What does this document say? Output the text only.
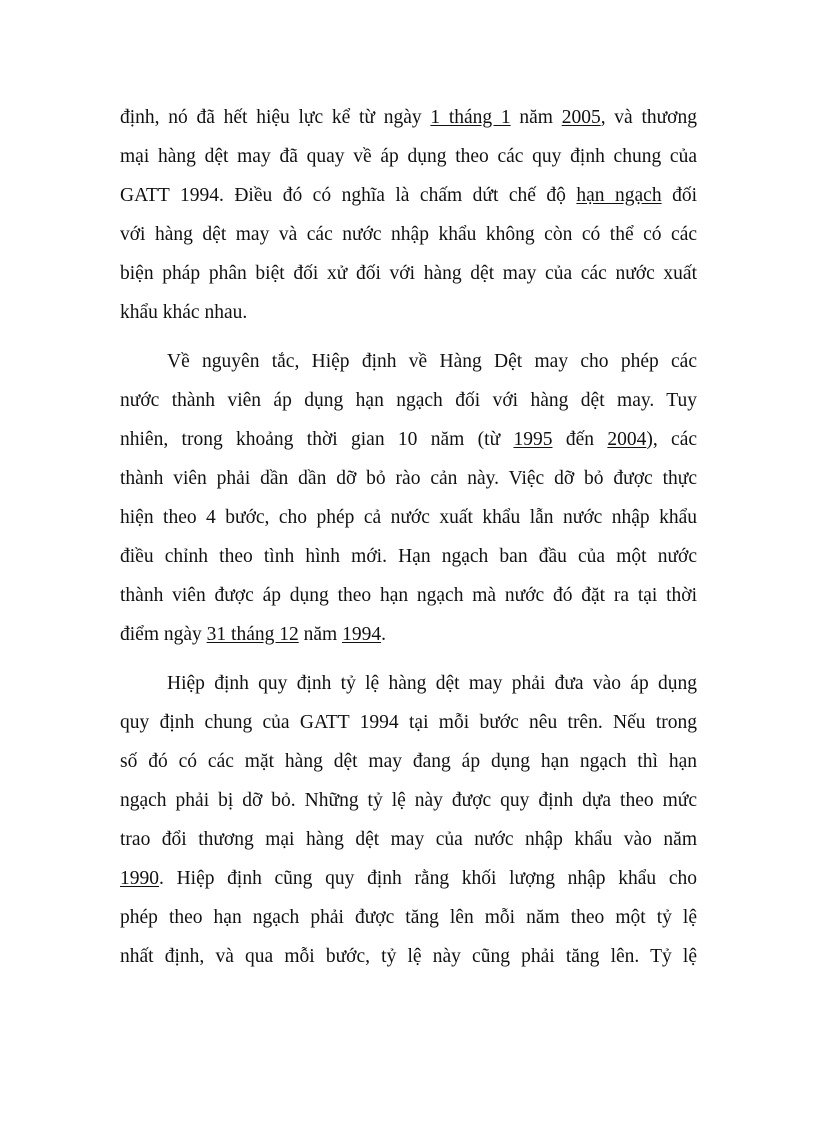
định, nó đã hết hiệu lực kể từ ngày 1 tháng 1 năm 2005, và thương
mại hàng dệt may đã quay về áp dụng theo các quy định chung của
GATT 1994. Điều đó có nghĩa là chấm dứt chế độ hạn ngạch đối
với hàng dệt may và các nước nhập khẩu không còn có thể có các
biện pháp phân biệt đối xử đối với hàng dệt may của các nước xuất
khẩu khác nhau.
Về nguyên tắc, Hiệp định về Hàng Dệt may cho phép các
nước thành viên áp dụng hạn ngạch đối với hàng dệt may. Tuy
nhiên, trong khoảng thời gian 10 năm (từ 1995 đến 2004), các
thành viên phải dần dần dỡ bỏ rào cản này. Việc dỡ bỏ được thực
hiện theo 4 bước, cho phép cả nước xuất khẩu lẫn nước nhập khẩu
điều chỉnh theo tình hình mới. Hạn ngạch ban đầu của một nước
thành viên được áp dụng theo hạn ngạch mà nước đó đặt ra tại thời
điểm ngày 31 tháng 12 năm 1994.
Hiệp định quy định tỷ lệ hàng dệt may phải đưa vào áp dụng
quy định chung của GATT 1994 tại mỗi bước nêu trên. Nếu trong
số đó có các mặt hàng dệt may đang áp dụng hạn ngạch thì hạn
ngạch phải bị dỡ bỏ. Những tỷ lệ này được quy định dựa theo mức
trao đổi thương mại hàng dệt may của nước nhập khẩu vào năm
1990. Hiệp định cũng quy định rằng khối lượng nhập khẩu cho
phép theo hạn ngạch phải được tăng lên mỗi năm theo một tỷ lệ
nhất định, và qua mỗi bước, tỷ lệ này cũng phải tăng lên. Tỷ lệ
